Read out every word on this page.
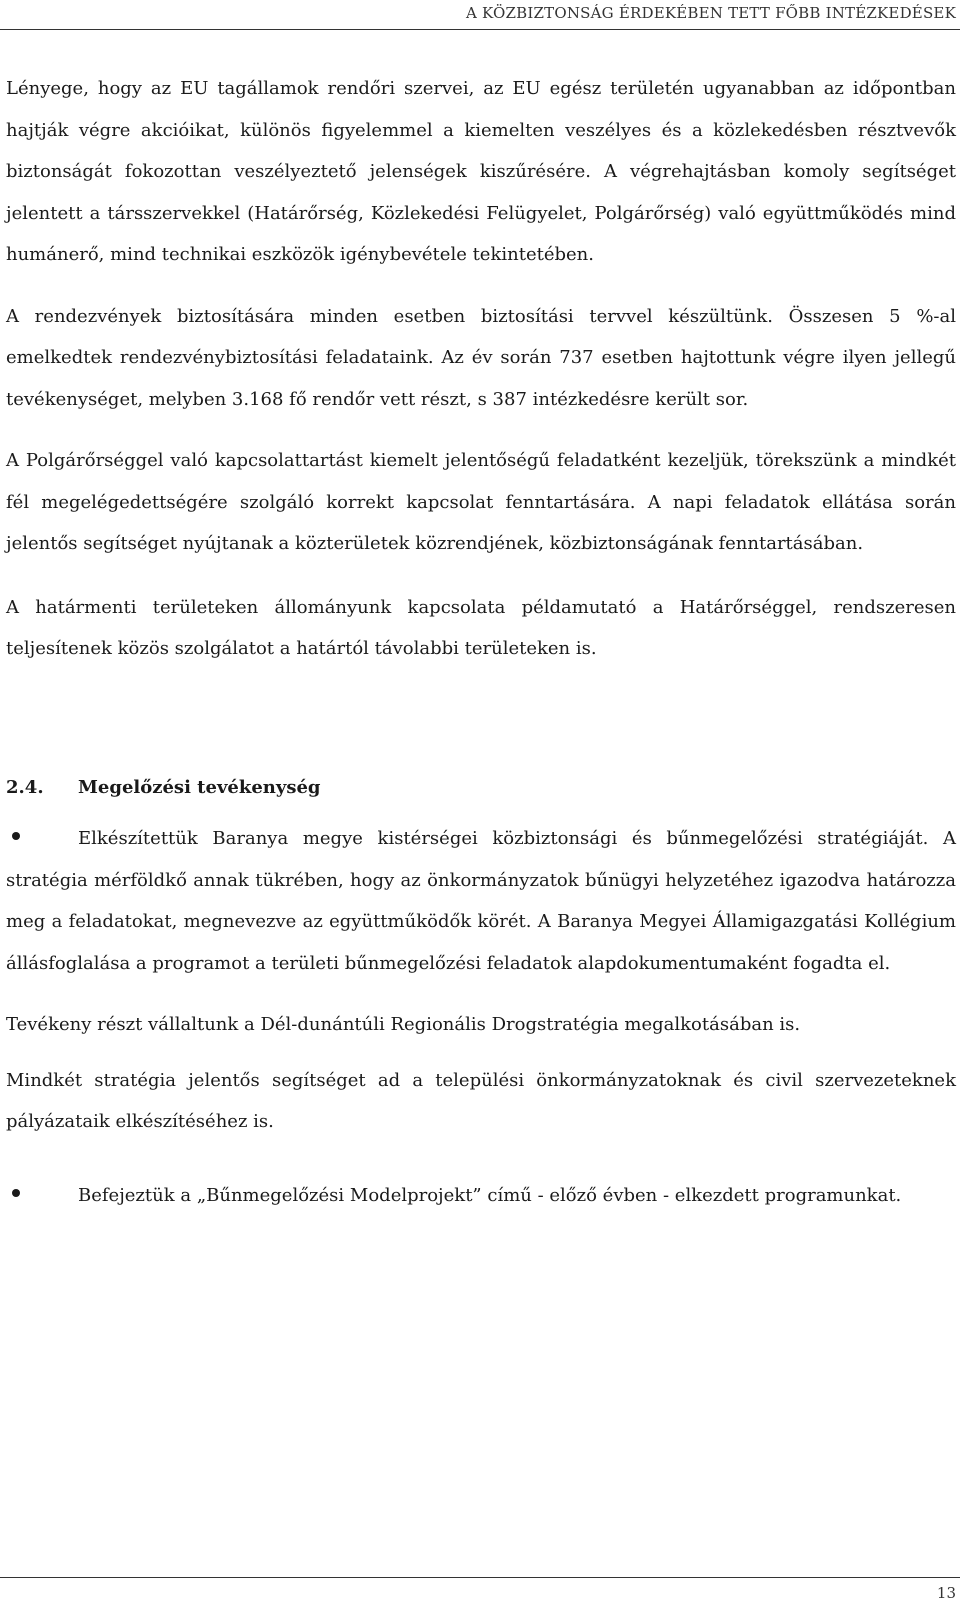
A KÖZBIZTONSÁG ÉRDEKÉBEN TETT FŐBB INTÉZKEDÉSEK

Lényege, hogy az EU tagállamok rendőri szervei, az EU egész területén ugyanabban az időpontban hajtják végre akcióikat, különös figyelemmel a kiemelten veszélyes és a közlekedésben résztvevők biztonságát fokozottan veszélyeztető jelenségek kiszűrésére. A végrehajtásban komoly segítséget jelentett a társszervekkel (Határőrség, Közlekedési Felügyelet, Polgárőrség) való együttműködés mind humánerő, mind technikai eszközök igénybevétele tekintetében.

A rendezvények biztosítására minden esetben biztosítási tervvel készültünk. Összesen 5 %-al emelkedtek rendezvénybiztosítási feladataink. Az év során 737 esetben hajtottunk végre ilyen jellegű tevékenységet, melyben 3.168 fő rendőr vett részt, s 387 intézkedésre került sor.

A Polgárőrséggel való kapcsolattartást kiemelt jelentőségű feladatként kezeljük, törekszünk a mindkét fél megelégedettségére szolgáló korrekt kapcsolat fenntartására. A napi feladatok ellátása során jelentős segítséget nyújtanak a közterületek közrendjének, közbiztonságának fenntartásában.

A határmenti területeken állományunk kapcsolata példamutató a Határőrséggel, rendszeresen teljesítenek közös szolgálatot a határtól távolabbi területeken is.

2.4.	Megelőzési tevékenység

Elkészítettük Baranya megye kistérségei közbiztonsági és bűnmegelőzési stratégiáját. A stratégia mérföldkő annak tükrében, hogy az önkormányzatok bűnügyi helyzetéhez igazodva határozza meg a feladatokat, megnevezve az együttműködők körét. A Baranya Megyei Államigazgatási Kollégium állásfoglalása a programot a területi bűnmegelőzési feladatok alapdokumentumaként fogadta el.

Tevékeny részt vállaltunk a Dél-dunántúli Regionális Drogstratégia megalkotásában is.

Mindkét stratégia jelentős segítséget ad a települési önkormányzatoknak és civil szervezeteknek pályázataik elkészítéséhez is.

Befejeztük a „Bűnmegelőzési Modelprojekt” című - előző évben - elkezdett programunkat.

13
